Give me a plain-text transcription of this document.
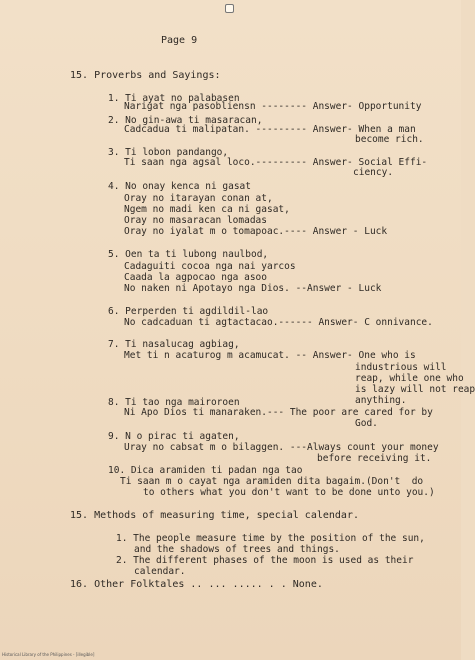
Page 9
15. Proverbs and Sayings:
1. Ti ayat no palabasen
Narigat nga pasobliensn -------- Answer- Opportunity
2. No gin-awa ti masaracan,
Cadcadua ti malipatan. --------- Answer- When a man
become rich.
3. Ti lobon pandango,
Ti saan nga agsal loco.--------- Answer- Social Effi-
ciency.
4. No onay kenca ni gasat
Oray no itarayan conan at,
Ngem no madi ken ca ni gasat,
Oray no masaracan lomadas
Oray no iyalat m o tomapoac.---- Answer - Luck
5. Oen ta ti lubong naulbod,
Cadaguiti cocoa nga nai yarcos
Caada la agpocao nga asoo
No naken ni Apotayo nga Dios. --Answer - Luck
6. Perperden ti agdildil-lao
No cadcaduan ti agtactacao.------ Answer- C onnivance.
7. Ti nasalucag agbiag,
Met ti n acaturog m acamucat. -- Answer- One who is
industrious will
reap, while one who
is lazy will not reap
anything.
8. Ti tao nga mairoroen
Ni Apo Dios ti manaraken.--- The poor are cared for by
God.
9. N o pirac ti agaten,
Uray no cabsat m o bilaggen. ---Always count your money
before receiving it.
10. Dica aramiden ti padan nga tao
Ti saan m o cayat nga aramiden dita bagaim.(Don't  do
to others what you don't want to be done unto you.)
15. Methods of measuring time, special calendar.
1. The people measure time by the position of the sun,
and the shadows of trees and things.
2. The different phases of the moon is used as their
calendar.
16. Other Folktales .. ... ..... . . None.
Historical Library of the Philippines - [illegible]
